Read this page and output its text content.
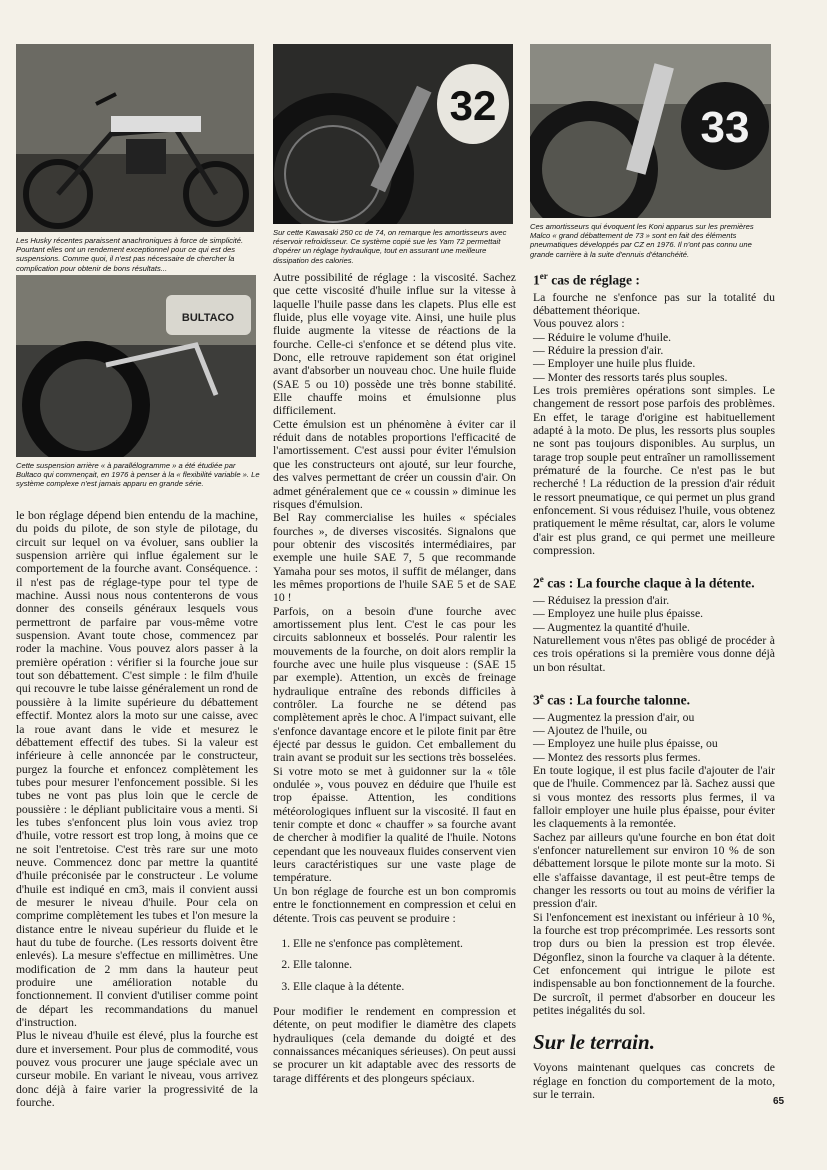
Les Husky récentes paraissent anachroniques à force de simplicité. Pourtant elles ont un rendement exceptionnel pour ce qui est des suspensions. Comme quoi, il n'est pas nécessaire de chercher la complication pour obtenir de bons résultats...

32

Sur cette Kawasaki 250 cc de 74, on remarque les amortisseurs avec réservoir refroidisseur. Ce système copié sue les Yam 72 permettait d'opérer un réglage hydraulique, tout en assurant une meilleure dissipation des calories.

33

Ces amortisseurs qui évoquent les Koni apparus sur les premières Malco « grand débattement de 73 » sont en fait des éléments pneumatiques développés par CZ en 1976. Il n'ont pas connu une grande carrière à la suite d'ennuis d'étanchéité.

BULTACO

Cette suspension arrière « à parallélogramme » a été étudiée par Bultaco qui commençait, en 1976 à penser à la « flexibilité variable ». Le système complexe n'est jamais apparu en grande série.

le bon réglage dépend bien entendu de la machine, du poids du pilote, de son style de pilotage, du circuit sur lequel on va évoluer, sans oublier la suspension arrière qui influe également sur le comportement de la fourche avant. Conséquence. : il n'est pas de réglage-type pour tel type de machine. Aussi nous nous contenterons de vous donner des conseils généraux lesquels vous permettront de parfaire par vous-même votre suspension. Avant toute chose, commencez par roder la machine. Vous pouvez alors passer à la première opération : vérifier si la fourche joue sur tout son débattement. C'est simple : le film d'huile qui recouvre le tube laisse généralement un rond de poussière à la limite supérieure du débattement effectif. Montez alors la moto sur une caisse, avec la roue avant dans le vide et mesurez le débattement effectif des tubes. Si la valeur est inférieure à celle annoncée par le constructeur, purgez la fourche et enfoncez complètement les tubes pour mesurer l'enfoncement possible. Si les tubes ne vont pas plus loin que le cercle de poussière : le dépliant publicitaire vous a menti. Si les tubes s'enfoncent plus loin vous aviez trop d'huile, votre ressort est trop long, à moins que ce ne soit l'entretoise. C'est très rare sur une moto neuve. Commencez donc par mettre la quantité d'huile préconisée par le constructeur . Le volume d'huile est indiqué en cm3, mais il convient aussi de mesurer le niveau d'huile. Pour cela on comprime complètement les tubes et l'on mesure la distance entre le niveau supérieur du fluide et le haut du tube de fourche. (Les ressorts doivent être enlevés). La mesure s'effectue en millimètres. Une modification de 2 mm dans la hauteur peut produire une amélioration notable du fonctionnement. Il convient d'utiliser comme point de départ les recommandations du manuel d'instruction.

Plus le niveau d'huile est élevé, plus la fourche est dure et inversement. Pour plus de commodité, vous pouvez vous procurer une jauge spéciale avec un curseur mobile. En variant le niveau, vous arrivez donc déjà à faire varier la progressivité de la fourche.

Autre possibilité de réglage : la viscosité. Sachez que cette viscosité d'huile influe sur la vitesse à laquelle l'huile passe dans les clapets. Plus elle est fluide, plus elle voyage vite. Ainsi, une huile plus fluide augmente la vitesse de réactions de la fourche. Celle-ci s'enfonce et se détend plus vite. Donc, elle retrouve rapidement son état originel avant d'absorber un nouveau choc. Une huile fluide (SAE 5 ou 10) possède une très bonne stabilité. Elle chauffe moins et émulsionne plus difficilement.

Cette émulsion est un phénomène à éviter car il réduit dans de notables proportions l'efficacité de l'amortissement. C'est aussi pour éviter l'émulsion que les constructeurs ont ajouté, sur leur fourche, des valves permettant de créer un coussin d'air. On admet généralement que ce « coussin » diminue les risques d'émulsion.

Bel Ray commercialise les huiles « spéciales fourches », de diverses viscosités. Signalons que pour obtenir des viscosités intermédiaires, par exemple une huile SAE 7, 5 que recommande Yamaha pour ses motos, il suffit de mélanger, dans les mêmes proportions de l'huile SAE 5 et de SAE 10 !

Parfois, on a besoin d'une fourche avec amortissement plus lent. C'est le cas pour les circuits sablonneux et bosselés. Pour ralentir les mouvements de la fourche, on doit alors remplir la fourche avec une huile plus visqueuse : (SAE 15 par exemple). Attention, un excès de freinage hydraulique entraîne des rebonds difficiles à contrôler. La fourche ne se détend pas complètement après le choc. A l'impact suivant, elle s'enfonce davantage encore et le pilote finit par être éjecté par dessus le guidon. Cet emballement du train avant se produit sur les sections très bosselées. Si votre moto se met à guidonner sur la « tôle ondulée », vous pouvez en déduire que l'huile est trop épaisse. Attention, les conditions météorologiques influent sur la viscosité. Il faut en tenir compte et donc « chauffer » sa fourche avant de chercher à modifier la qualité de l'huile. Notons cependant que les nouveaux fluides conservent vien leurs caractéristiques sur une vaste plage de température.

Un bon réglage de fourche est un bon compromis entre le fonctionnement en compression et celui en détente. Trois cas peuvent se produire :

1. Elle ne s'enfonce pas complètement.
2. Elle talonne.
3. Elle claque à la détente.

Pour modifier le rendement en compression et détente, on peut modifier le diamètre des clapets hydrauliques (cela demande du doigté et des connaissances mécaniques sérieuses). On peut aussi se procurer un kit adaptable avec des ressorts de tarage différents et des plongeurs spéciaux.

1er cas de réglage :

La fourche ne s'enfonce pas sur la totalité du débattement théorique.

Vous pouvez alors :

— Réduire le volume d'huile.

— Réduire la pression d'air.

— Employer une huile plus fluide.

— Monter des ressorts tarés plus souples.

Les trois premières opérations sont simples. Le changement de ressort pose parfois des problèmes. En effet, le tarage d'origine est habituellement adapté à la moto. De plus, les ressorts plus souples ne sont pas toujours disponibles. Au surplus, un tarage trop souple peut entraîner un ramollissement prématuré de la fourche. Ce n'est pas le but recherché ! La réduction de la pression d'air réduit le ressort pneumatique, ce qui permet un plus grand enfoncement. Si vous réduisez l'huile, vous obtenez pratiquement le même résultat, car, alors le volume d'air est plus grand, ce qui permet une meilleure compression.

2e cas : La fourche claque à la détente.

— Réduisez la pression d'air.

— Employez une huile plus épaisse.

— Augmentez la quantité d'huile.

Naturellement vous n'êtes pas obligé de procéder à ces trois opérations si la première vous donne déjà un bon résultat.

3e cas : La fourche talonne.

— Augmentez la pression d'air, ou

— Ajoutez de l'huile, ou

— Employez une huile plus épaisse, ou

— Montez des ressorts plus fermes.

En toute logique, il est plus facile d'ajouter de l'air que de l'huile. Commencez par là. Sachez aussi que si vous montez des ressorts plus fermes, il va falloir employer une huile plus épaisse, pour éviter les claquements à la remontée.

Sachez par ailleurs qu'une fourche en bon état doit s'enfoncer naturellement sur environ 10 % de son débattement lorsque le pilote monte sur la moto. Si elle s'affaisse davantage, il est peut-être temps de changer les ressorts ou tout au moins de vérifier la pression d'air.

Si l'enfoncement est inexistant ou inférieur à 10 %, la fourche est trop précomprimée. Les ressorts sont trop durs ou bien la pression est trop élevée. Dégonflez, sinon la fourche va claquer à la détente. Cet enfoncement qui intrigue le pilote est indispensable au bon fonctionnement de la fourche. De surcroît, il permet d'absorber en douceur les petites inégalités du sol.

Sur le terrain.

Voyons maintenant quelques cas concrets de réglage en fonction du comportement de la moto, sur le terrain.

65
